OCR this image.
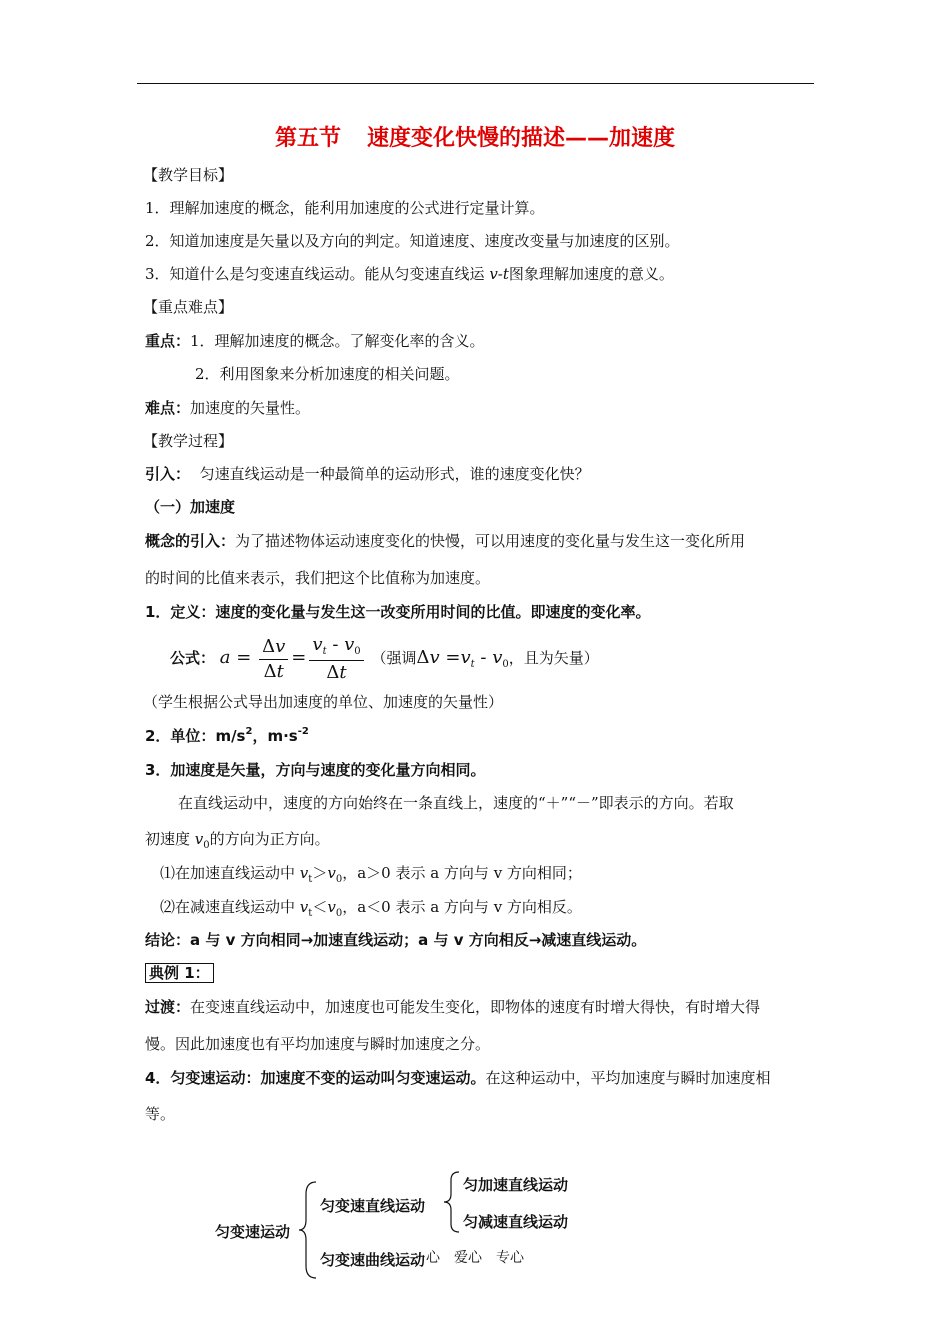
第五节 速度变化快慢的描述——加速度
【教学目标】
1．理解加速度的概念，能利用加速度的公式进行定量计算。
2．知道加速度是矢量以及方向的判定。知道速度、速度改变量与加速度的区别。
3．知道什么是匀变速直线运动。能从匀变速直线运 v-t图象理解加速度的意义。
【重点难点】
重点：1．理解加速度的概念。了解变化率的含义。
2．利用图象来分析加速度的相关问题。
难点：加速度的矢量性。
【教学过程】
引入： 匀速直线运动是一种最简单的运动形式，谁的速度变化快？
（一）加速度
概念的引入：为了描述物体运动速度变化的快慢，可以用速度的变化量与发生这一变化所用
的时间的比值来表示，我们把这个比值称为加速度。
1．定义：速度的变化量与发生这一改变所用时间的比值。即速度的变化率。
公式： $a = \frac{\Delta v}{\Delta t} = \frac{v_t - v_0}{\Delta t}$ （强调$\Delta v =v_t - v_0$，且为矢量）
（学生根据公式导出加速度的单位、加速度的矢量性）
2．单位：$m/s^2$，$m\cdot s^{-2}$
3．加速度是矢量，方向与速度的变化量方向相同。
在直线运动中，速度的方向始终在一条直线上，速度的“＋”“－”即表示的方向。若取
初速度 $v_0$的方向为正方向。
⑴在加速直线运动中 $v_t>v_0$，a＞0 表示 a 方向与 v 方向相同；
⑵在减速直线运动中 $v_t<v_0$，a＜0 表示 a 方向与 v 方向相反。
结论：a 与 v 方向相同→加速直线运动；a 与 v 方向相反→减速直线运动。
典例 1：
过渡：在变速直线运动中，加速度也可能发生变化，即物体的速度有时增大得快，有时增大得
慢。因此加速度也有平均加速度与瞬时加速度之分。
4．匀变速运动：加速度不变的运动叫匀变速运动。在这种运动中，平均加速度与瞬时加速度相
等。
匀变速运动
匀变速直线运动
匀加速直线运动
匀减速直线运动
匀变速曲线运动 心　爱心　专心
